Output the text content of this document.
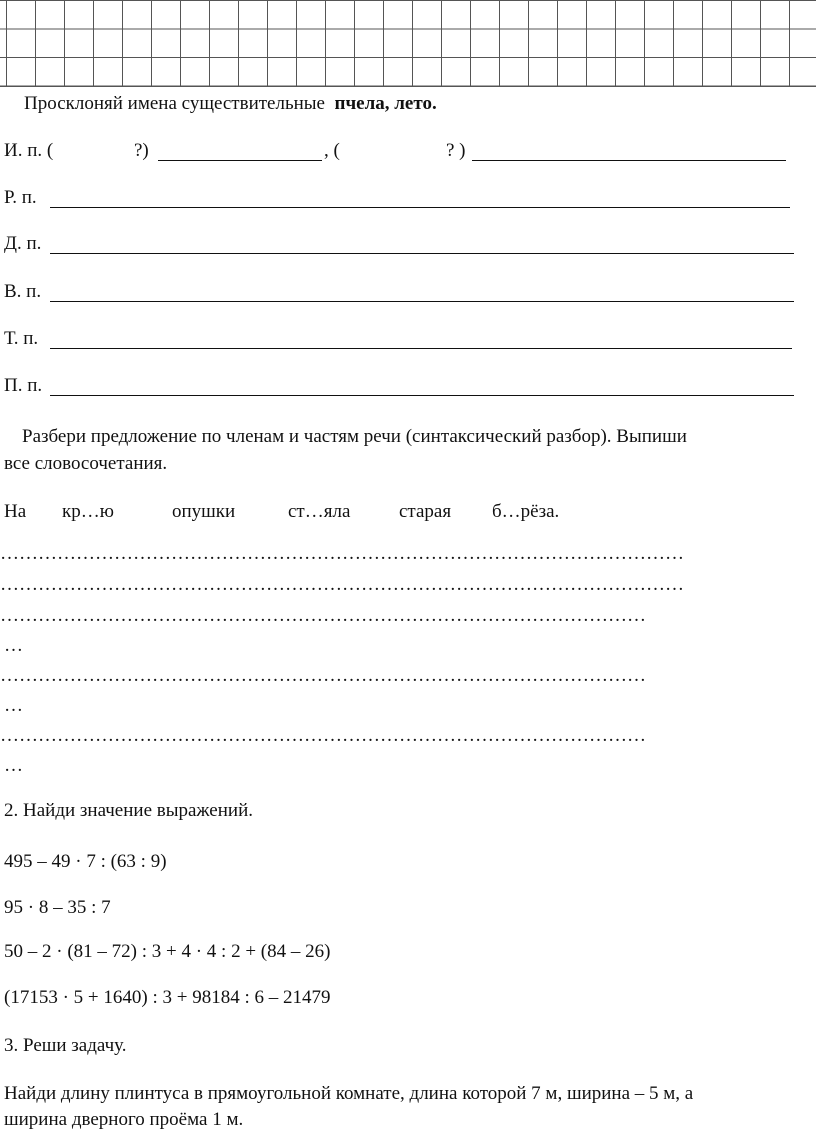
Просклоняй имена существительные пчела, лето.
И. п. (	?)	, (	? )
Р. п.
Д. п.
В. п.
Т. п.
П. п.
Разбери предложение по членам и частям речи (синтаксический разбор). Выпиши
все словосочетания.
На кр…ю	опушки	ст…яла	старая б…рёза.
………………………………………………………………………………………………
………………………………………………………………………………………………
…………………………………………………………………………………………
…
…………………………………………………………………………………………
…
…………………………………………………………………………………………
…
2. Найди значение выражений.
495 – 49 · 7 : (63 : 9)
95 · 8 – 35 : 7
50 – 2 · (81 – 72) : 3 + 4 · 4 : 2 + (84 – 26)
(17153 · 5 + 1640) : 3 + 98184 : 6 – 21479
3. Реши задачу.
Найди длину плинтуса в прямоугольной комнате, длина которой 7 м, ширина – 5 м, а
ширина дверного проёма 1 м.
